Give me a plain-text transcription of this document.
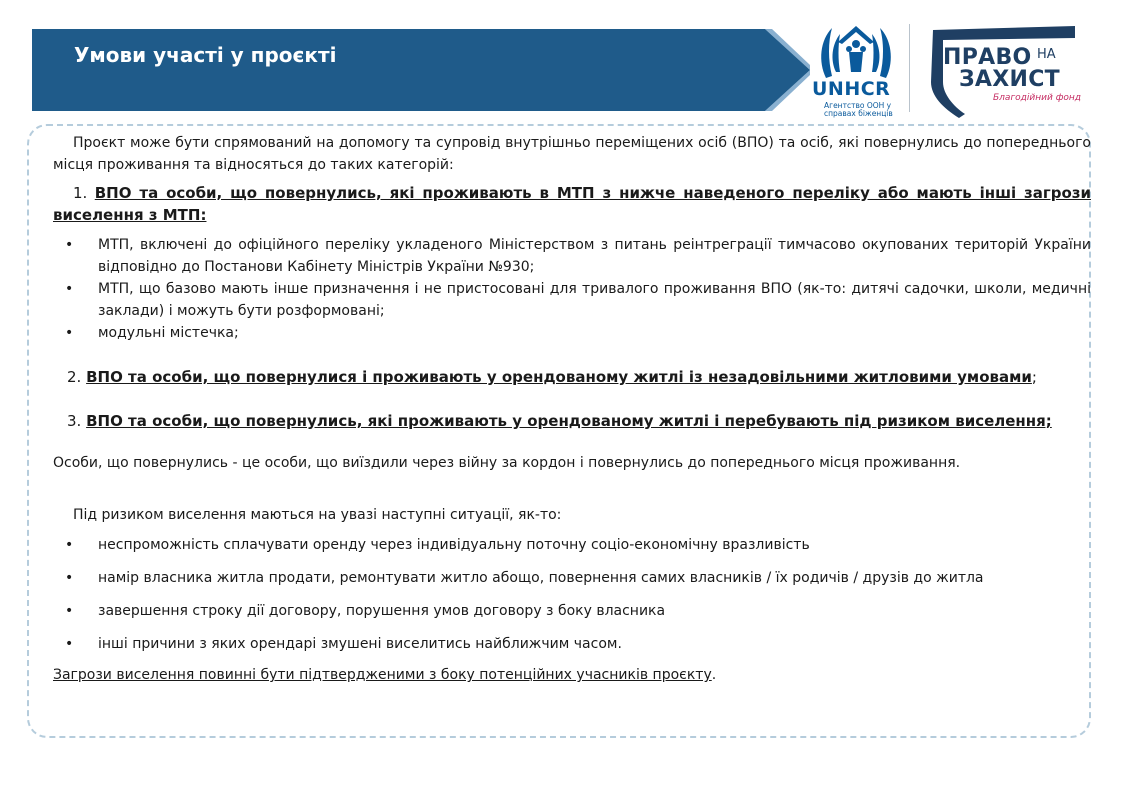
Умови участі у проєкті
UNHCR
Агентство ООН у справах біженців
ПРАВО НА
ЗАХИСТ
Благодійний фонд

Проєкт може бути спрямований на допомогу та супровід внутрішньо переміщених осіб (ВПО) та осіб, які повернулись до попереднього місця проживання та відносяться до таких категорій:

1. ВПО та особи, що повернулись, які проживають в МТП з нижче наведеного переліку або мають інші загрози виселення з МТП:

• МТП, включені до офіційного переліку укладеного Міністерством з питань реінтреграції тимчасово окупованих територій України відповідно до Постанови Кабінету Міністрів України №930;
• МТП, що базово мають інше призначення і не пристосовані для тривалого проживання ВПО (як-то: дитячі садочки, школи, медичні заклади) і можуть бути розформовані;
• модульні містечка;

2. ВПО та особи, що повернулися і проживають у орендованому житлі із незадовільними житловими умовами;

3. ВПО та особи, що повернулись, які проживають у орендованому житлі і перебувають під ризиком виселення;

Особи, що повернулись - це особи, що виїздили через війну за кордон і повернулись до попереднього місця проживання.

Під ризиком виселення маються на увазі наступні ситуації, як-то:

• неспроможність сплачувати оренду через індивідуальну поточну соціо-економічну вразливість
• намір власника житла продати, ремонтувати житло абощо, повернення самих власників / їх родичів / друзів до житла
• завершення строку дії договору, порушення умов договору з боку власника
• інші причини з яких орендарі змушені виселитись найближчим часом.

Загрози виселення повинні бути підтвердженими з боку потенційних учасників проєкту.
